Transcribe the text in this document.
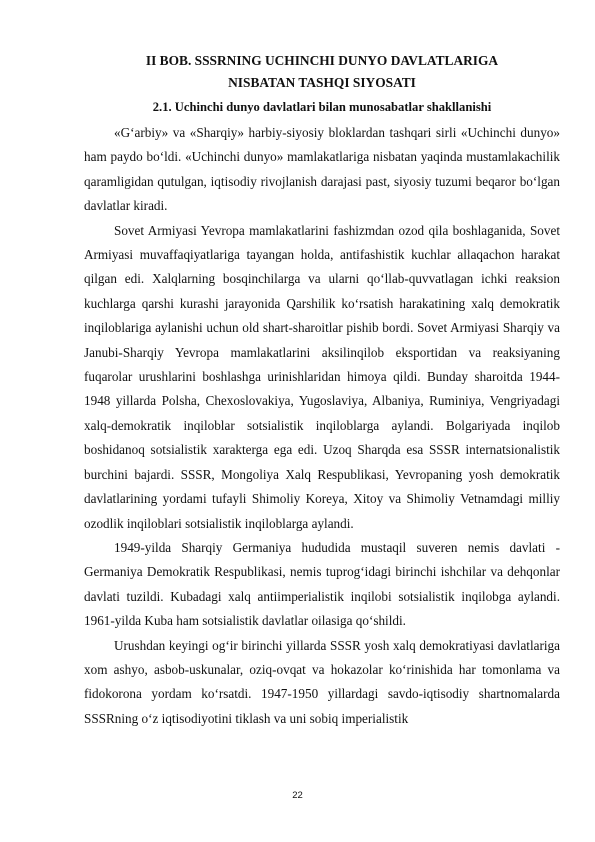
II BOB. SSSRNING UCHINCHI DUNYO DAVLATLARIGA
NISBATAN TASHQI SIYOSATI
2.1. Uchinchi dunyo davlatlari bilan munosabatlar shakllanishi

«G‘arbiy» va «Sharqiy» harbiy-siyosiy bloklardan tashqari sirli «Uchinchi dunyo» ham paydo bo‘ldi. «Uchinchi dunyo» mamlakatlariga nisbatan yaqinda mustamlakachilik qaramligidan qutulgan, iqtisodiy rivojlanish darajasi past, siyosiy tuzumi beqaror bo‘lgan davlatlar kiradi.

Sovet Armiyasi Yevropa mamlakatlarini fashizmdan ozod qila boshlaganida, Sovet Armiyasi muvaffaqiyatlariga tayangan holda, antifashistik kuchlar allaqachon harakat qilgan edi. Xalqlarning bosqinchilarga va ularni qo‘llab-quvvatlagan ichki reaksion kuchlarga qarshi kurashi jarayonida Qarshilik ko‘rsatish harakatining xalq demokratik inqiloblariga aylanishi uchun old shart-sharoitlar pishib bordi. Sovet Armiyasi Sharqiy va Janubi-Sharqiy Yevropa mamlakatlarini aksilinqilob eksportidan va reaksiyaning fuqarolar urushlarini boshlashga urinishlaridan himoya qildi. Bunday sharoitda 1944-1948 yillarda Polsha, Chexoslovakiya, Yugoslaviya, Albaniya, Ruminiya, Vengriyadagi xalq-demokratik inqiloblar sotsialistik inqiloblarga aylandi. Bolgariyada inqilob boshidanoq sotsialistik xarakterga ega edi. Uzoq Sharqda esa SSSR internatsionalistik burchini bajardi. SSSR, Mongoliya Xalq Respublikasi, Yevropaning yosh demokratik davlatlarining yordami tufayli Shimoliy Koreya, Xitoy va Shimoliy Vetnamdagi milliy ozodlik inqiloblari sotsialistik inqiloblarga aylandi.

1949-yilda Sharqiy Germaniya hududida mustaqil suveren nemis davlati - Germaniya Demokratik Respublikasi, nemis tuprog‘idagi birinchi ishchilar va dehqonlar davlati tuzildi. Kubadagi xalq antiimperialistik inqilobi sotsialistik inqilobga aylandi. 1961-yilda Kuba ham sotsialistik davlatlar oilasiga qo‘shildi.

Urushdan keyingi og‘ir birinchi yillarda SSSR yosh xalq demokratiyasi davlatlariga xom ashyo, asbob-uskunalar, oziq-ovqat va hokazolar ko‘rinishida har tomonlama va fidokorona yordam ko‘rsatdi. 1947-1950 yillardagi savdo-iqtisodiy shartnomalarda SSSRning o‘z iqtisodiyotini tiklash va uni sobiq imperialistik

22
